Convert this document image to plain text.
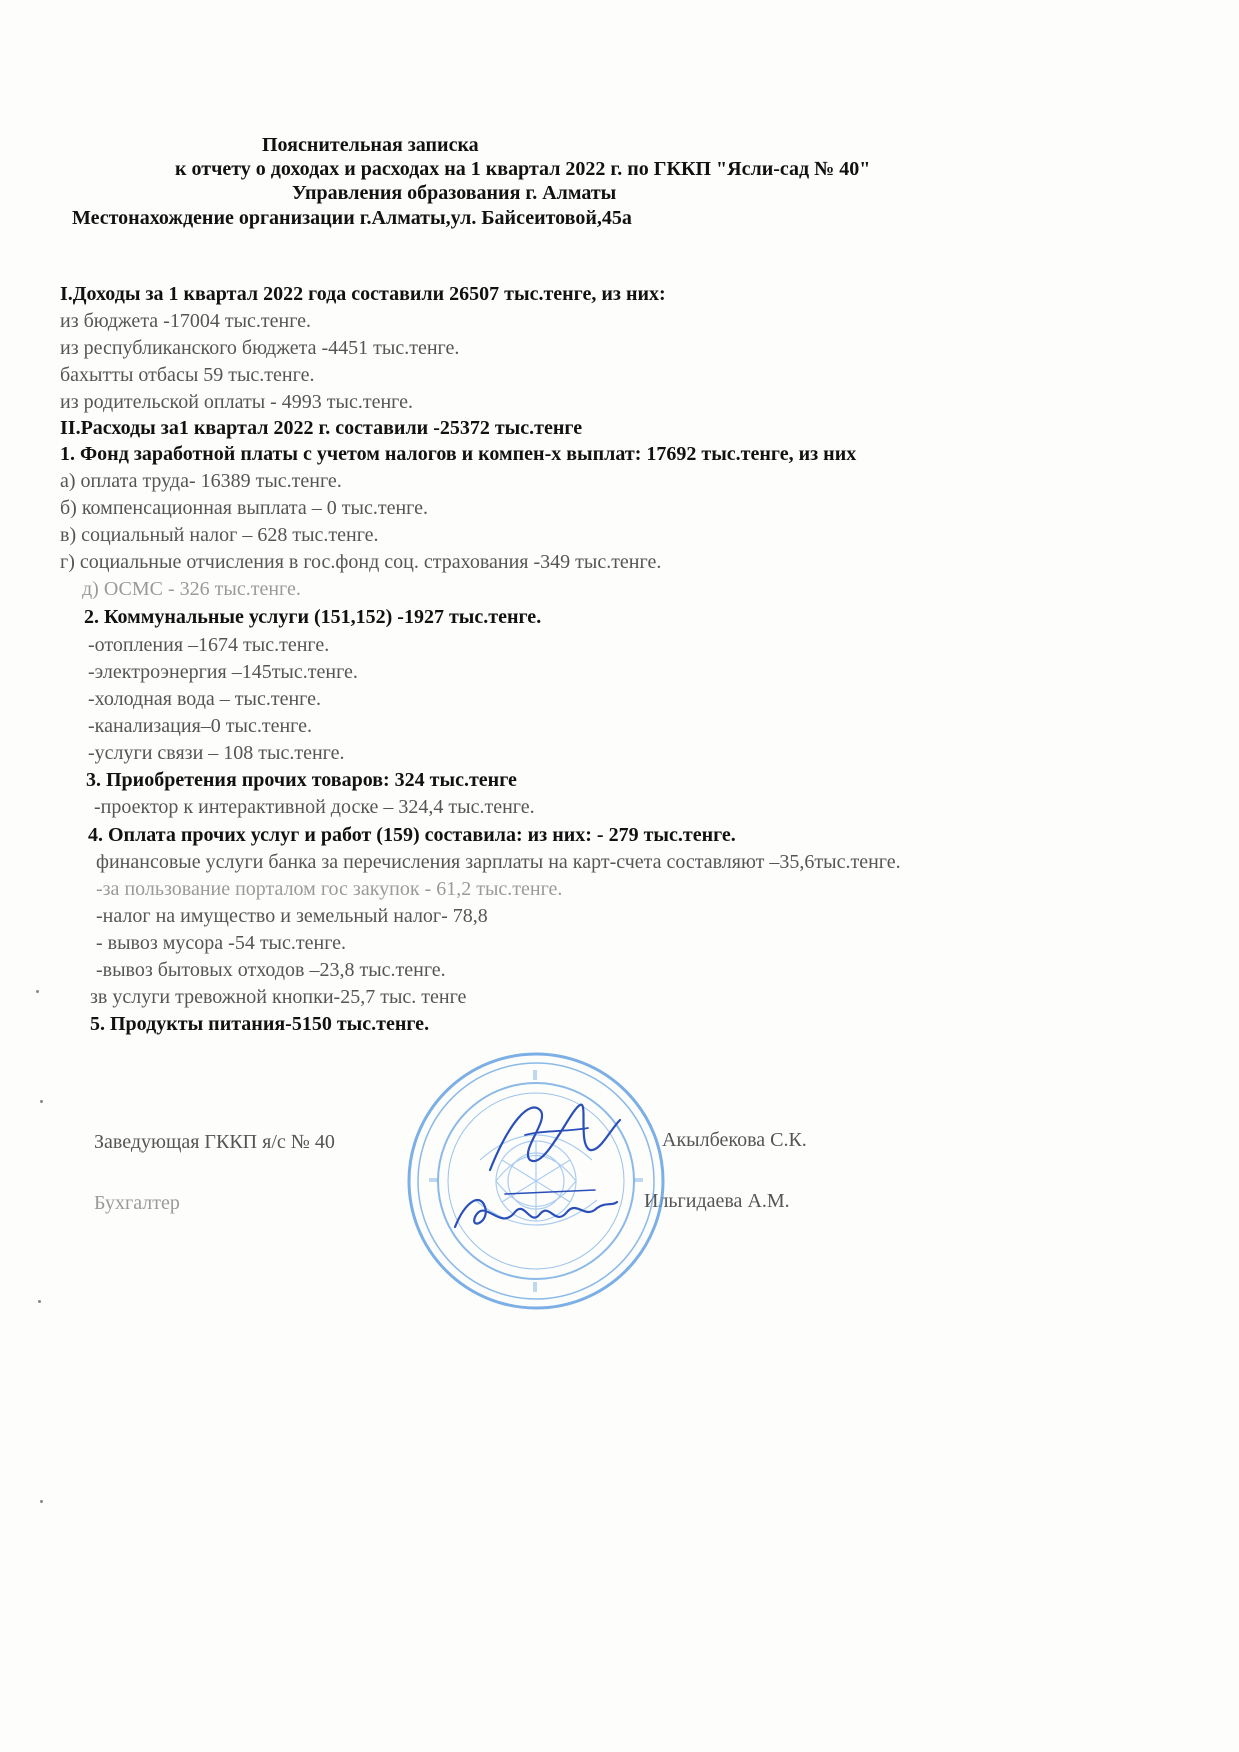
Пояснительная записка
к отчету о доходах и расходах на 1 квартал 2022 г. по ГККП "Ясли-сад № 40"
Управления образования г. Алматы
Местонахождение организации г.Алматы,ул. Байсеитовой,45а
I.Доходы за 1 квартал 2022 года составили 26507 тыс.тенге, из них:
из бюджета -17004 тыс.тенге.
из республиканского бюджета -4451 тыс.тенге.
бахытты отбасы 59 тыс.тенге.
из родительской оплаты - 4993 тыс.тенге.
II.Расходы за1 квартал 2022 г. составили -25372 тыс.тенге
1. Фонд заработной платы с учетом налогов и компен-х выплат: 17692 тыс.тенге, из них
а) оплата труда- 16389 тыс.тенге.
б) компенсационная выплата – 0 тыс.тенге.
в) социальный налог – 628 тыс.тенге.
г) социальные отчисления в гос.фонд соц. страхования -349 тыс.тенге.
д) ОСМС - 326 тыс.тенге.
2. Коммунальные услуги (151,152) -1927 тыс.тенге.
-отопления –1674 тыс.тенге.
-электроэнергия –145тыс.тенге.
-холодная вода – тыс.тенге.
-канализация–0 тыс.тенге.
-услуги связи – 108 тыс.тенге.
3. Приобретения прочих товаров: 324 тыс.тенге
-проектор к интерактивной доске – 324,4 тыс.тенге.
4. Оплата прочих услуг и работ (159) составила: из них: - 279 тыс.тенге.
финансовые услуги банка за перечисления зарплаты на карт-счета составляют –35,6тыс.тенге.
-за пользование порталом гос закупок - 61,2 тыс.тенге.
-налог на имущество и земельный налог- 78,8
- вывоз мусора -54 тыс.тенге.
-вывоз бытовых отходов –23,8 тыс.тенге.
зв услуги тревожной кнопки-25,7 тыс. тенге
5. Продукты питания-5150 тыс.тенге.
Заведующая ГККП я/с № 40	Акылбекова С.К.
Бухгалтер	Ильгидаева А.М.
